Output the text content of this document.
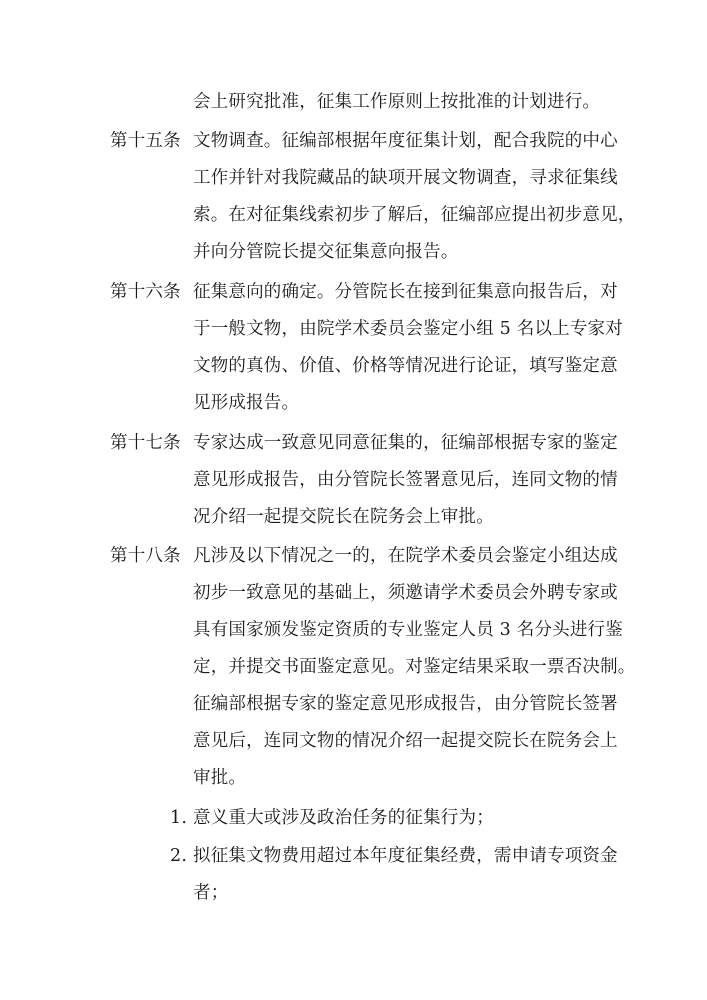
会上研究批准，征集工作原则上按批准的计划进行。
第十五条 文物调查。征编部根据年度征集计划，配合我院的中心
工作并针对我院藏品的缺项开展文物调查，寻求征集线
索。在对征集线索初步了解后，征编部应提出初步意见，
并向分管院长提交征集意向报告。
第十六条 征集意向的确定。分管院长在接到征集意向报告后，对
于一般文物，由院学术委员会鉴定小组 5 名以上专家对
文物的真伪、价值、价格等情况进行论证，填写鉴定意
见形成报告。
第十七条 专家达成一致意见同意征集的，征编部根据专家的鉴定
意见形成报告，由分管院长签署意见后，连同文物的情
况介绍一起提交院长在院务会上审批。
第十八条 凡涉及以下情况之一的，在院学术委员会鉴定小组达成
初步一致意见的基础上，须邀请学术委员会外聘专家或
具有国家颁发鉴定资质的专业鉴定人员 3 名分头进行鉴
定，并提交书面鉴定意见。对鉴定结果采取一票否决制。
征编部根据专家的鉴定意见形成报告，由分管院长签署
意见后，连同文物的情况介绍一起提交院长在院务会上
审批。
1. 意义重大或涉及政治任务的征集行为；
2. 拟征集文物费用超过本年度征集经费，需申请专项资金
者；
